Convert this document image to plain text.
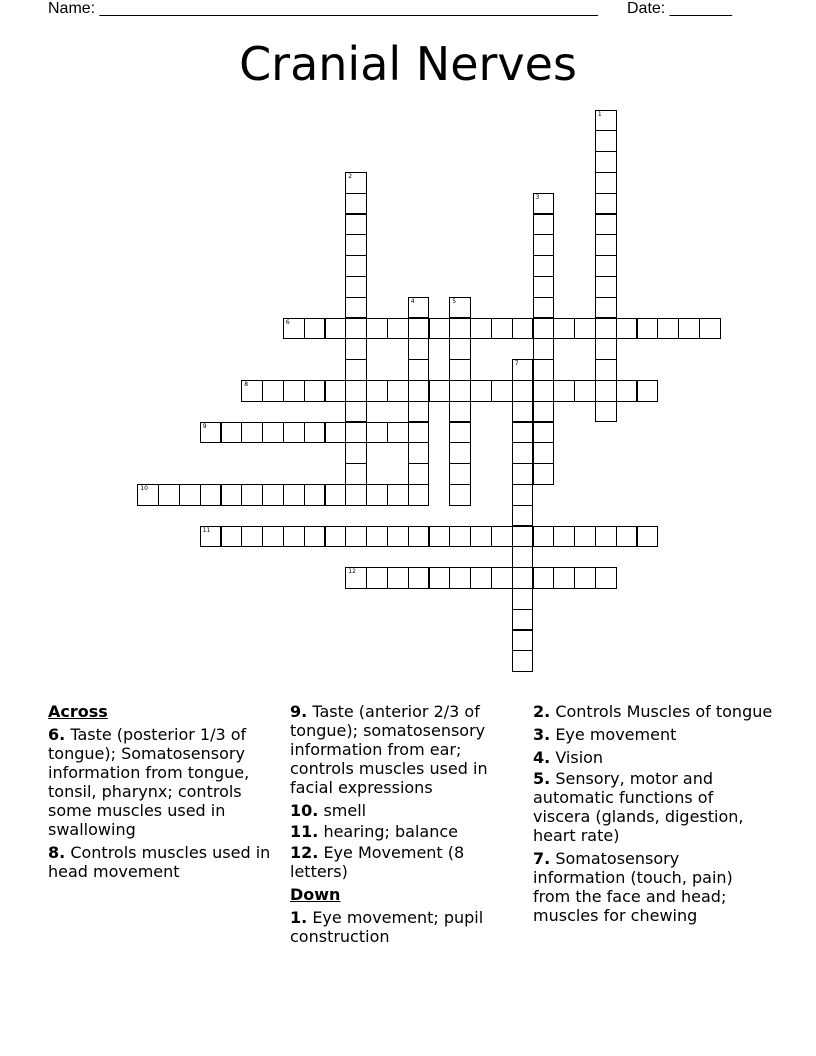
Name: ________________________________________________________ Date: _______
Cranial Nerves
1
2
3
4	5
6
7
8
9
10
11
12
Across
6. Taste (posterior 1/3 of tongue); Somatosensory information from tongue, tonsil, pharynx; controls some muscles used in swallowing
8. Controls muscles used in head movement
9. Taste (anterior 2/3 of tongue); somatosensory information from ear; controls muscles used in facial expressions
10. smell
11. hearing; balance
12. Eye Movement (8 letters)
Down
1. Eye movement; pupil construction
2. Controls Muscles of tongue
3. Eye movement
4. Vision
5. Sensory, motor and automatic functions of viscera (glands, digestion, heart rate)
7. Somatosensory information (touch, pain) from the face and head; muscles for chewing
